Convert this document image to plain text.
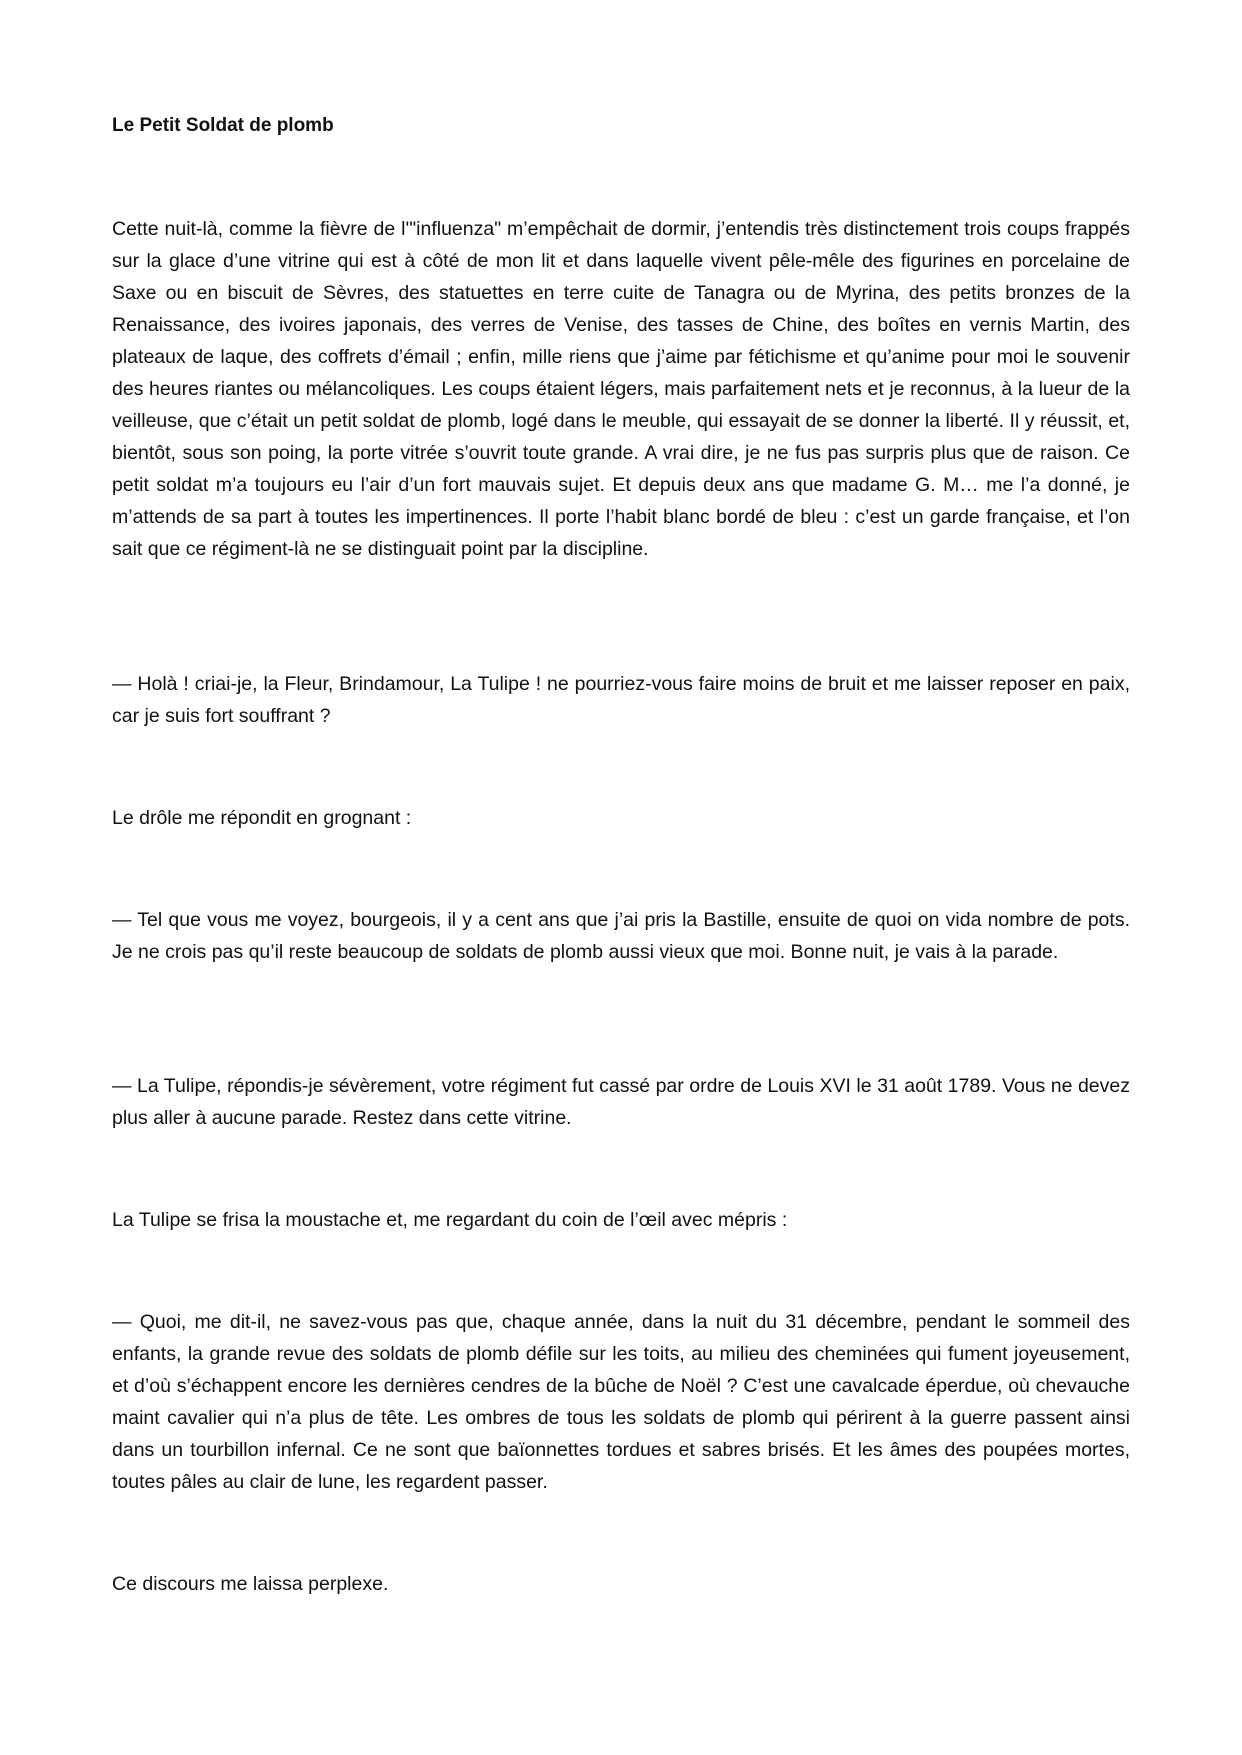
Le Petit Soldat de plomb

Cette nuit-là, comme la fièvre de l'"influenza" m’empêchait de dormir, j’entendis très distinctement trois coups frappés sur la glace d’une vitrine qui est à côté de mon lit et dans laquelle vivent pêle-mêle des figurines en porcelaine de Saxe ou en biscuit de Sèvres, des statuettes en terre cuite de Tanagra ou de Myrina, des petits bronzes de la Renaissance, des ivoires japonais, des verres de Venise, des tasses de Chine, des boîtes en vernis Martin, des plateaux de laque, des coffrets d’émail ; enfin, mille riens que j’aime par fétichisme et qu’anime pour moi le souvenir des heures riantes ou mélancoliques. Les coups étaient légers, mais parfaitement nets et je reconnus, à la lueur de la veilleuse, que c’était un petit soldat de plomb, logé dans le meuble, qui essayait de se donner la liberté. Il y réussit, et, bientôt, sous son poing, la porte vitrée s’ouvrit toute grande. A vrai dire, je ne fus pas surpris plus que de raison. Ce petit soldat m’a toujours eu l’air d’un fort mauvais sujet. Et depuis deux ans que madame G. M… me l’a donné, je m’attends de sa part à toutes les impertinences. Il porte l’habit blanc bordé de bleu : c’est un garde française, et l’on sait que ce régiment-là ne se distinguait point par la discipline.

— Holà ! criai-je, la Fleur, Brindamour, La Tulipe ! ne pourriez-vous faire moins de bruit et me laisser reposer en paix, car je suis fort souffrant ?

Le drôle me répondit en grognant :

— Tel que vous me voyez, bourgeois, il y a cent ans que j’ai pris la Bastille, ensuite de quoi on vida nombre de pots. Je ne crois pas qu’il reste beaucoup de soldats de plomb aussi vieux que moi. Bonne nuit, je vais à la parade.

— La Tulipe, répondis-je sévèrement, votre régiment fut cassé par ordre de Louis XVI le 31 août 1789. Vous ne devez plus aller à aucune parade. Restez dans cette vitrine.

La Tulipe se frisa la moustache et, me regardant du coin de l’œil avec mépris :

— Quoi, me dit-il, ne savez-vous pas que, chaque année, dans la nuit du 31 décembre, pendant le sommeil des enfants, la grande revue des soldats de plomb défile sur les toits, au milieu des cheminées qui fument joyeusement, et d’où s’échappent encore les dernières cendres de la bûche de Noël ? C’est une cavalcade éperdue, où chevauche maint cavalier qui n’a plus de tête. Les ombres de tous les soldats de plomb qui périrent à la guerre passent ainsi dans un tourbillon infernal. Ce ne sont que baïonnettes tordues et sabres brisés. Et les âmes des poupées mortes, toutes pâles au clair de lune, les regardent passer.

Ce discours me laissa perplexe.
